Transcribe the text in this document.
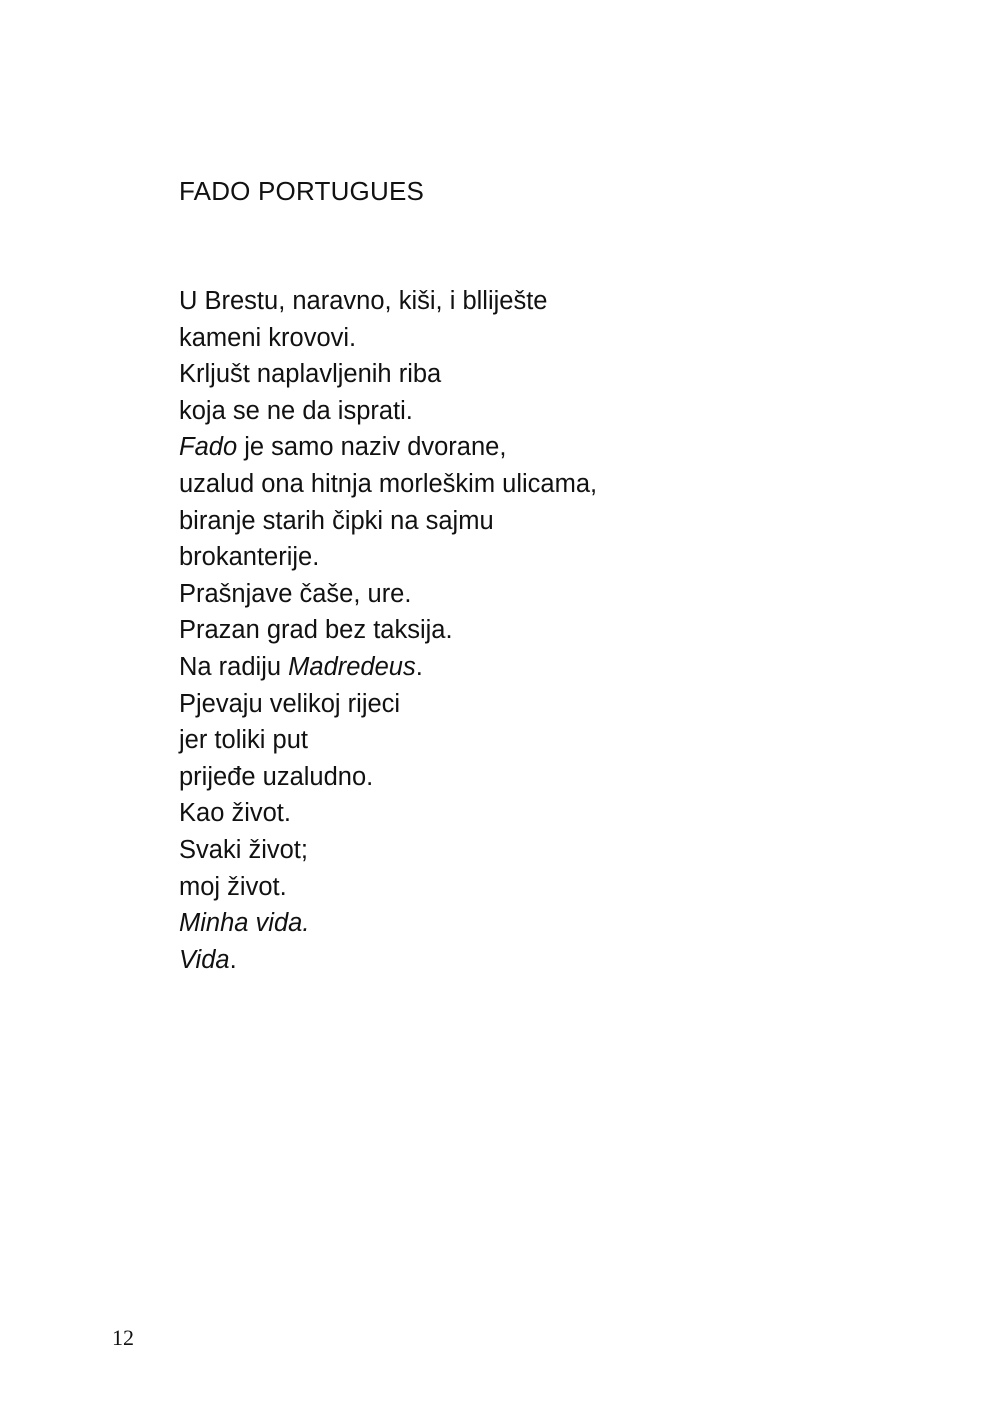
FADO PORTUGUES
U Brestu, naravno, kiši, i blliješte
kameni krovovi.
Krljušt naplavljenih riba
koja se ne da isprati.
Fado je samo naziv dvorane,
uzalud ona hitnja morleškim ulicama,
biranje starih čipki na sajmu
brokanterije.
Prašnjave čaše, ure.
Prazan grad bez taksija.
Na radiju Madredeus.
Pjevaju velikoj rijeci
jer toliki put
prijeđe uzaludno.
Kao život.
Svaki život;
moj život.
Minha vida.
Vida.
12
